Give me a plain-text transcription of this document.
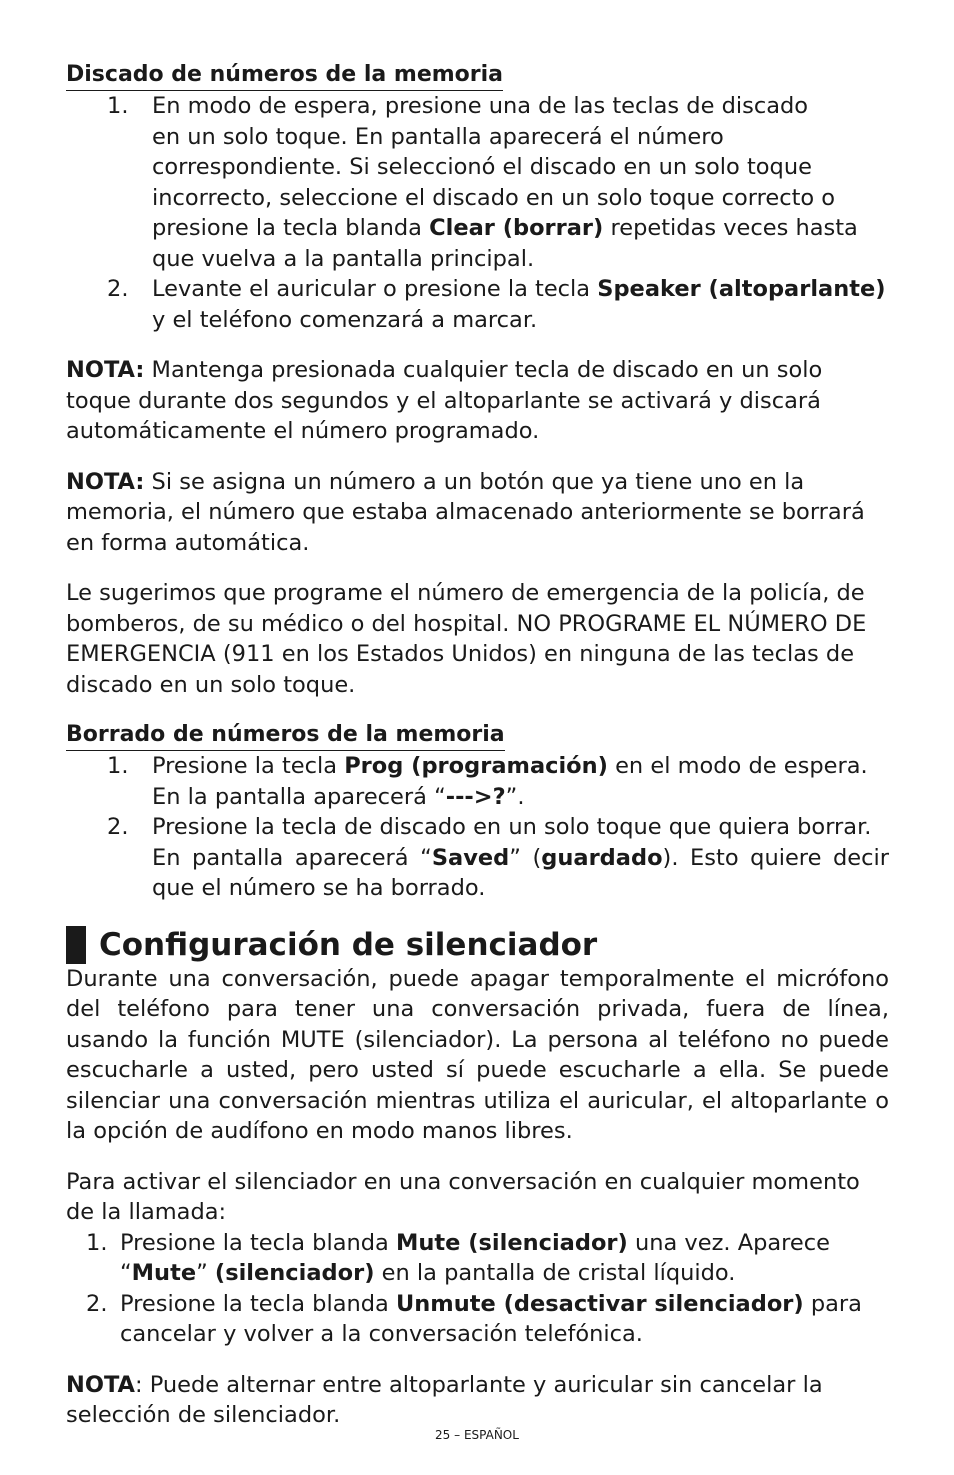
Discado de números de la memoria
1. En modo de espera, presione una de las teclas de discado
en un solo toque. En pantalla aparecerá el número
correspondiente. Si seleccionó el discado en un solo toque
incorrecto, seleccione el discado en un solo toque correcto o
presione la tecla blanda Clear (borrar) repetidas veces hasta
que vuelva a la pantalla principal.
2. Levante el auricular o presione la tecla Speaker (altoparlante)
y el teléfono comenzará a marcar.

NOTA: Mantenga presionada cualquier tecla de discado en un solo
toque durante dos segundos y el altoparlante se activará y discará
automáticamente el número programado.

NOTA: Si se asigna un número a un botón que ya tiene uno en la
memoria, el número que estaba almacenado anteriormente se borrará
en forma automática.

Le sugerimos que programe el número de emergencia de la policía, de
bomberos, de su médico o del hospital. NO PROGRAME EL NÚMERO DE
EMERGENCIA (911 en los Estados Unidos) en ninguna de las teclas de
discado en un solo toque.

Borrado de números de la memoria
1. Presione la tecla Prog (programación) en el modo de espera.
En la pantalla aparecerá “--->?”.
2. Presione la tecla de discado en un solo toque que quiera borrar.
En pantalla aparecerá “Saved” (guardado). Esto quiere decir
que el número se ha borrado.
Configuración de silenciador

Durante una conversación, puede apagar temporalmente el micrófono del teléfono para tener una conversación privada, fuera de línea, usando la función MUTE (silenciador). La persona al teléfono no puede escucharle a usted, pero usted sí puede escucharle a ella. Se puede silenciar una conversación mientras utiliza el auricular, el altoparlante o la opción de audífono en modo manos libres.

Para activar el silenciador en una conversación en cualquier momento de la llamada:

1. Presione la tecla blanda Mute (silenciador) una vez. Aparece
“Mute” (silenciador) en la pantalla de cristal líquido.
2. Presione la tecla blanda Unmute (desactivar silenciador) para
cancelar y volver a la conversación telefónica.

NOTA: Puede alternar entre altoparlante y auricular sin cancelar la
selección de silenciador.

25 – ESPAÑOL
